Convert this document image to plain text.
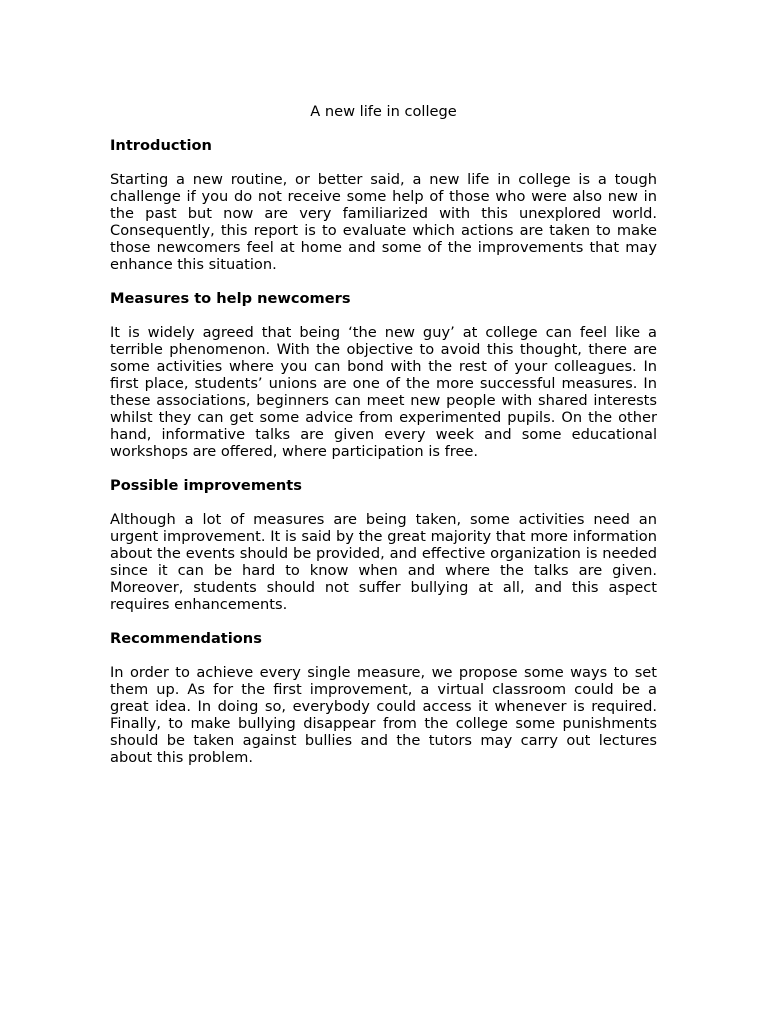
A new life in college
Introduction

Starting a new routine, or better said, a new life in college is a tough challenge if you do not receive some help of those who were also new in the past but now are very familiarized with this unexplored world. Consequently, this report is to evaluate which actions are taken to make those newcomers feel at home and some of the improvements that may enhance this situation.

Measures to help newcomers

It is widely agreed that being ‘the new guy’ at college can feel like a terrible phenomenon. With the objective to avoid this thought, there are some activities where you can bond with the rest of your colleagues. In first place, students’ unions are one of the more successful measures. In these associations, beginners can meet new people with shared interests whilst they can get some advice from experimented pupils. On the other hand, informative talks are given every week and some educational workshops are offered, where participation is free.

Possible improvements

Although a lot of measures are being taken, some activities need an urgent improvement. It is said by the great majority that more information about the events should be provided, and effective organization is needed since it can be hard to know when and where the talks are given. Moreover, students should not suffer bullying at all, and this aspect requires enhancements.

Recommendations

In order to achieve every single measure, we propose some ways to set them up. As for the first improvement, a virtual classroom could be a great idea. In doing so, everybody could access it whenever is required. Finally, to make bullying disappear from the college some punishments should be taken against bullies and the tutors may carry out lectures about this problem.
